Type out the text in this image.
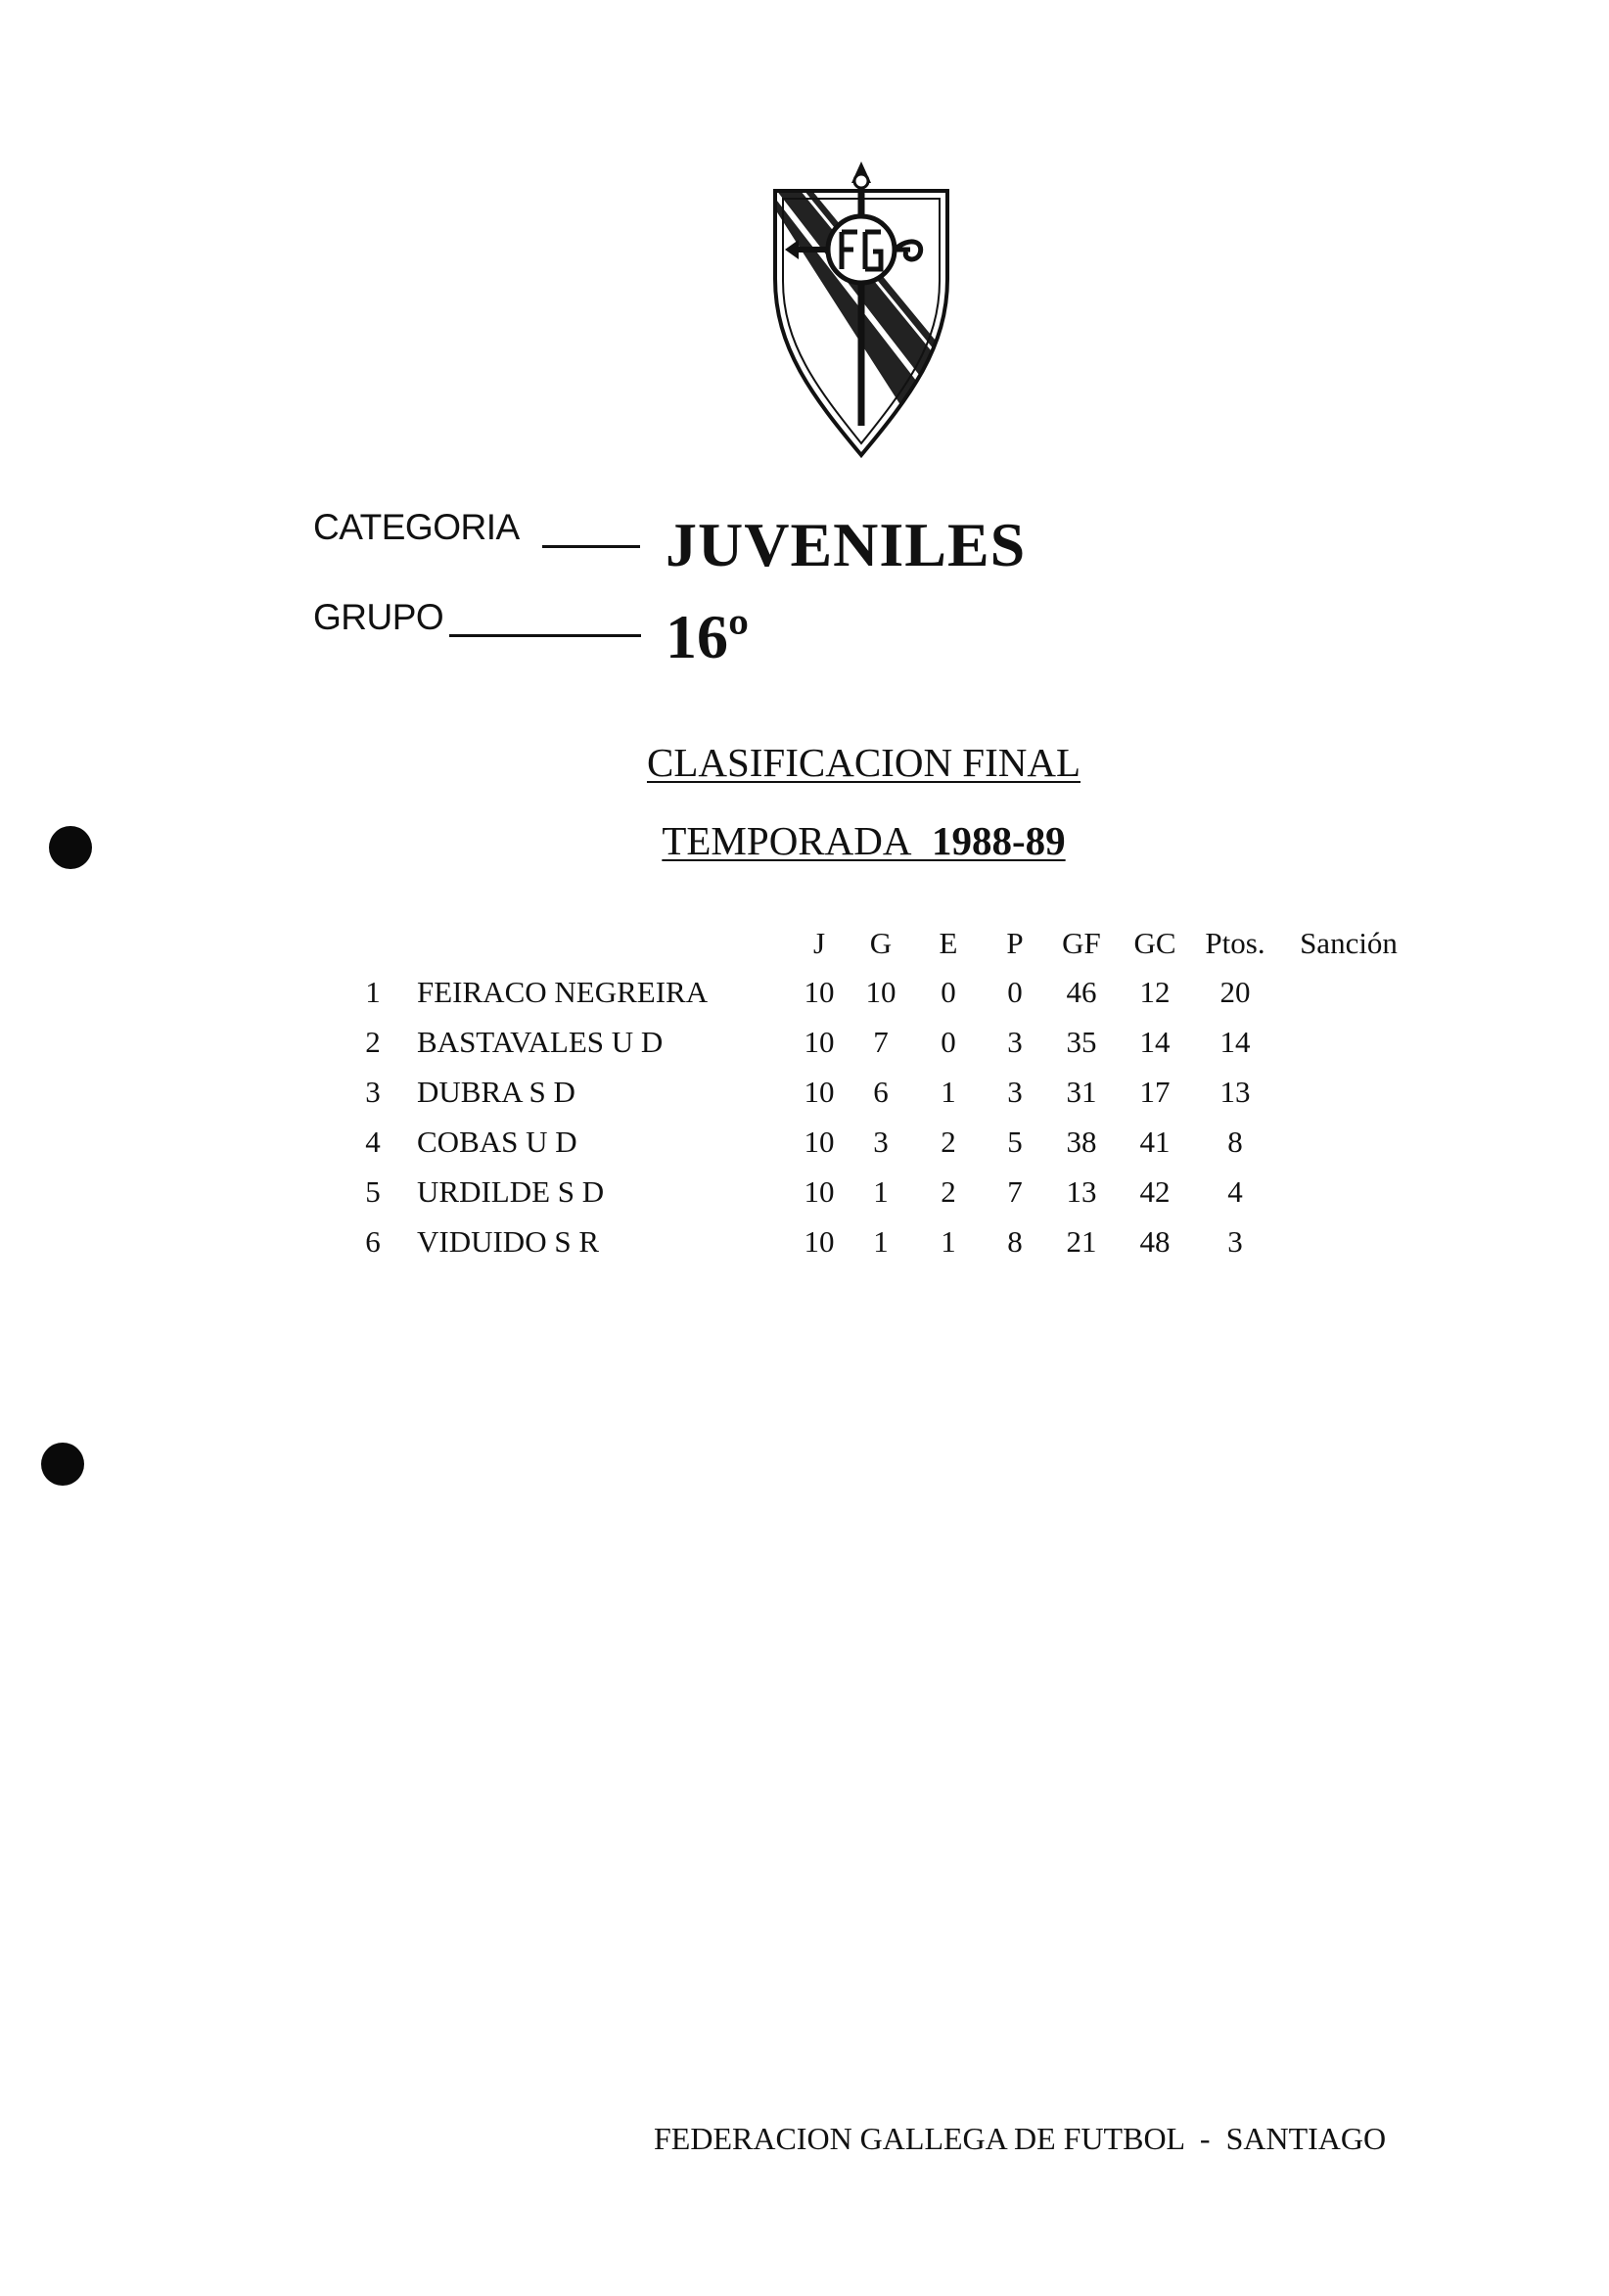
CATEGORIA JUVENILES
GRUPO	16º
CLASIFICACION FINAL
TEMPORADA 1988-89
		J	G	E	P	GF	GC	Ptos.	Sanción
1	FEIRACO NEGREIRA	10	10	0	0	46	12	20	
2	BASTAVALES U D	10	7	0	3	35	14	14	
3	DUBRA S D	10	6	1	3	31	17	13	
4	COBAS U D	10	3	2	5	38	41	8	
5	URDILDE S D	10	1	2	7	13	42	4	
6	VIDUIDO S R	10	1	1	8	21	48	3	
FEDERACION GALLEGA DE FUTBOL  -  SANTIAGO
